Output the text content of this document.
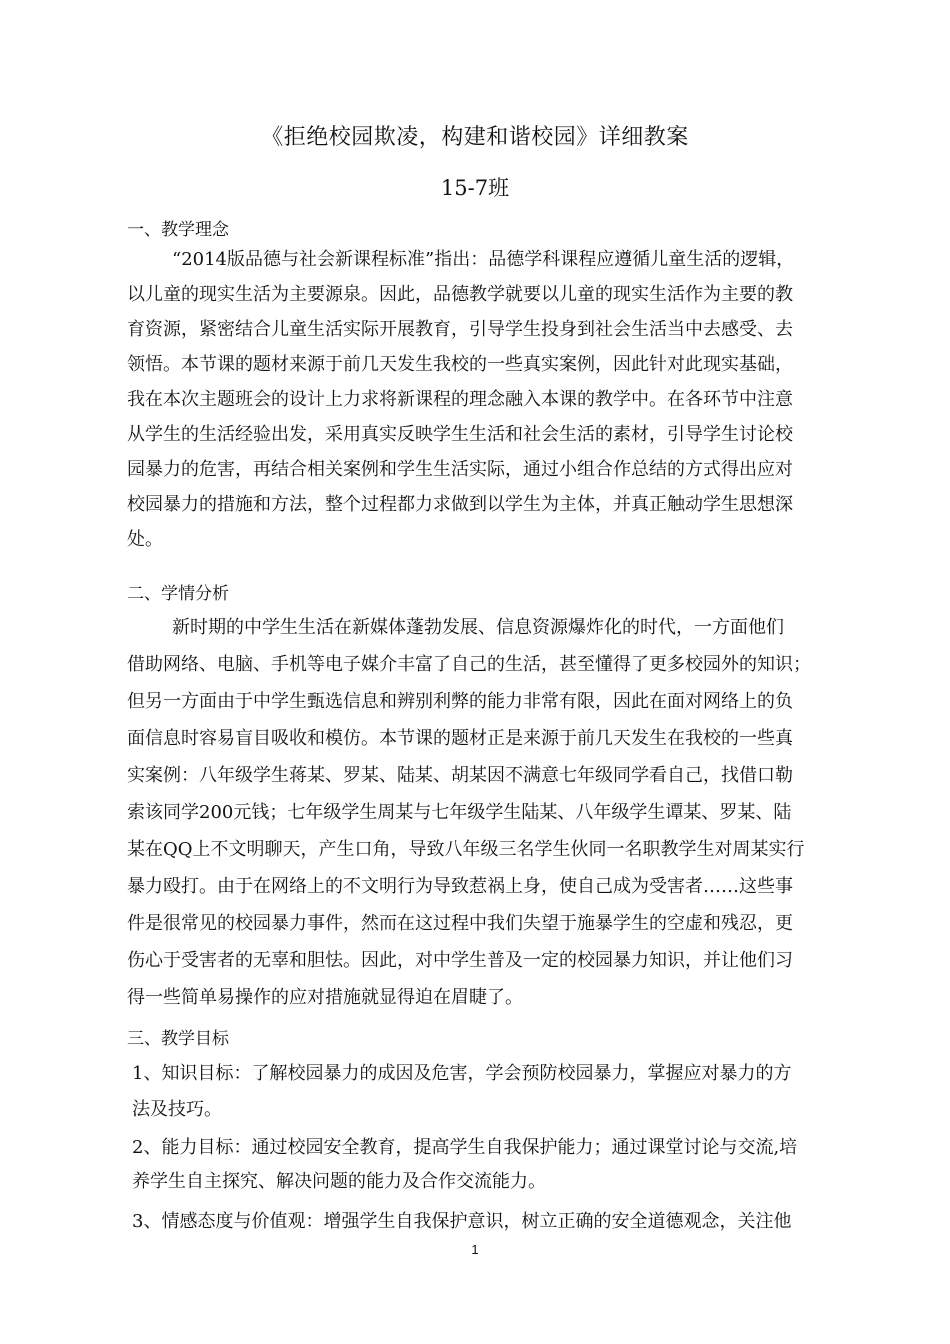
《拒绝校园欺凌，构建和谐校园》详细教案
15-7班
一、教学理念
“2014版品德与社会新课程标准”指出：品德学科课程应遵循儿童生活的逻辑，
以儿童的现实生活为主要源泉。因此，品德教学就要以儿童的现实生活作为主要的教
育资源，紧密结合儿童生活实际开展教育，引导学生投身到社会生活当中去感受、去
领悟。本节课的题材来源于前几天发生我校的一些真实案例，因此针对此现实基础，
我在本次主题班会的设计上力求将新课程的理念融入本课的教学中。在各环节中注意
从学生的生活经验出发，采用真实反映学生生活和社会生活的素材，引导学生讨论校
园暴力的危害，再结合相关案例和学生生活实际，通过小组合作总结的方式得出应对
校园暴力的措施和方法，整个过程都力求做到以学生为主体，并真正触动学生思想深
处。
二、学情分析
新时期的中学生生活在新媒体蓬勃发展、信息资源爆炸化的时代，一方面他们
借助网络、电脑、手机等电子媒介丰富了自己的生活，甚至懂得了更多校园外的知识；
但另一方面由于中学生甄选信息和辨别利弊的能力非常有限，因此在面对网络上的负
面信息时容易盲目吸收和模仿。本节课的题材正是来源于前几天发生在我校的一些真
实案例：八年级学生蒋某、罗某、陆某、胡某因不满意七年级同学看自己，找借口勒
索该同学200元钱；七年级学生周某与七年级学生陆某、八年级学生谭某、罗某、陆
某在QQ上不文明聊天，产生口角，导致八年级三名学生伙同一名职教学生对周某实行
暴力殴打。由于在网络上的不文明行为导致惹祸上身，使自己成为受害者……这些事
件是很常见的校园暴力事件，然而在这过程中我们失望于施暴学生的空虚和残忍，更
伤心于受害者的无辜和胆怯。因此，对中学生普及一定的校园暴力知识，并让他们习
得一些简单易操作的应对措施就显得迫在眉睫了。
三、教学目标
1、知识目标：了解校园暴力的成因及危害，学会预防校园暴力，掌握应对暴力的方
法及技巧。
2、能力目标：通过校园安全教育，提高学生自我保护能力；通过课堂讨论与交流,培
养学生自主探究、解决问题的能力及合作交流能力。
3、情感态度与价值观：增强学生自我保护意识，树立正确的安全道德观念，关注他
1
